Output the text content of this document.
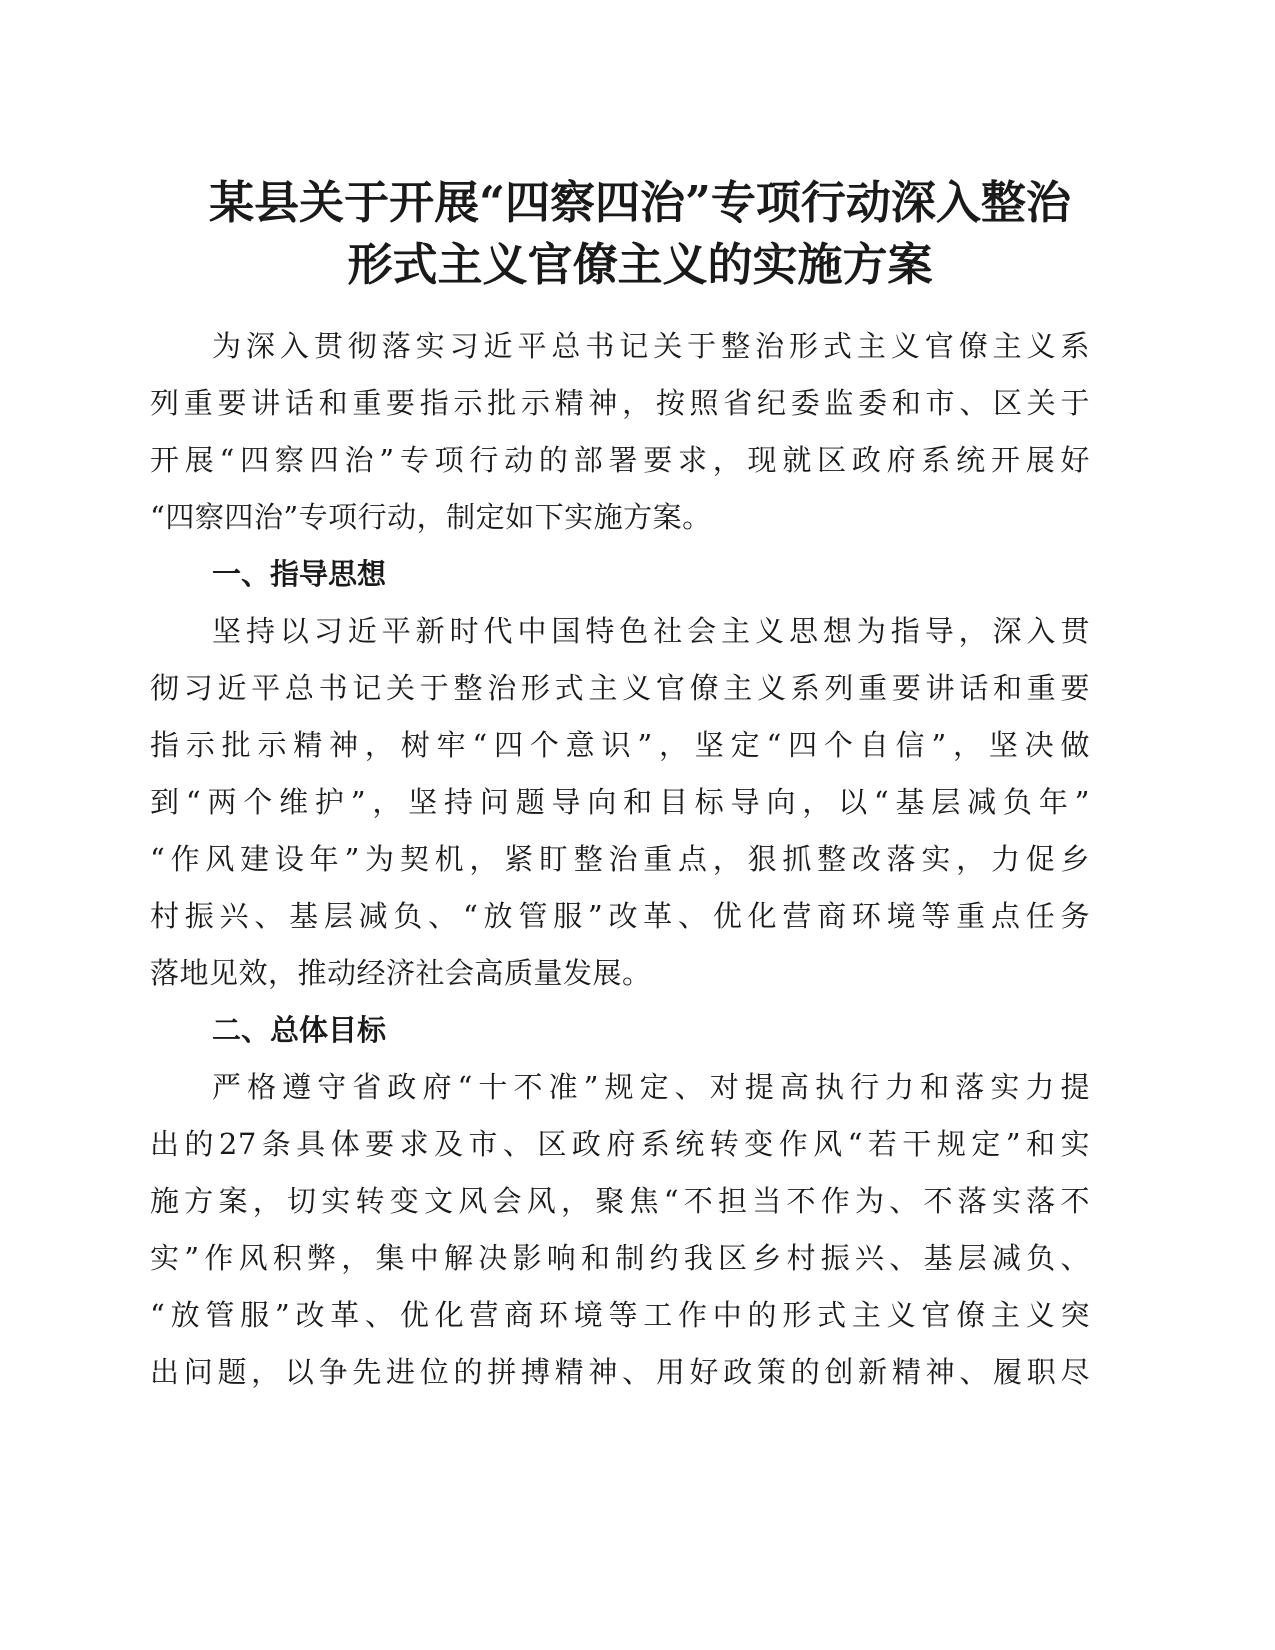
某县关于开展“四察四治”专项行动深入整治
形式主义官僚主义的实施方案
为深入贯彻落实习近平总书记关于整治形式主义官僚主义系
列重要讲话和重要指示批示精神，按照省纪委监委和市、区关于
开展“四察四治”专项行动的部署要求，现就区政府系统开展好
“四察四治”专项行动，制定如下实施方案。
一、指导思想
坚持以习近平新时代中国特色社会主义思想为指导，深入贯
彻习近平总书记关于整治形式主义官僚主义系列重要讲话和重要
指示批示精神，树牢“四个意识”，坚定“四个自信”，坚决做
到“两个维护”，坚持问题导向和目标导向，以“基层减负年”
“作风建设年”为契机，紧盯整治重点，狠抓整改落实，力促乡
村振兴、基层减负、“放管服”改革、优化营商环境等重点任务
落地见效，推动经济社会高质量发展。
二、总体目标
严格遵守省政府“十不准”规定、对提高执行力和落实力提
出的27条具体要求及市、区政府系统转变作风“若干规定”和实
施方案，切实转变文风会风，聚焦“不担当不作为、不落实落不
实”作风积弊，集中解决影响和制约我区乡村振兴、基层减负、
“放管服”改革、优化营商环境等工作中的形式主义官僚主义突
出问题，以争先进位的拼搏精神、用好政策的创新精神、履职尽
